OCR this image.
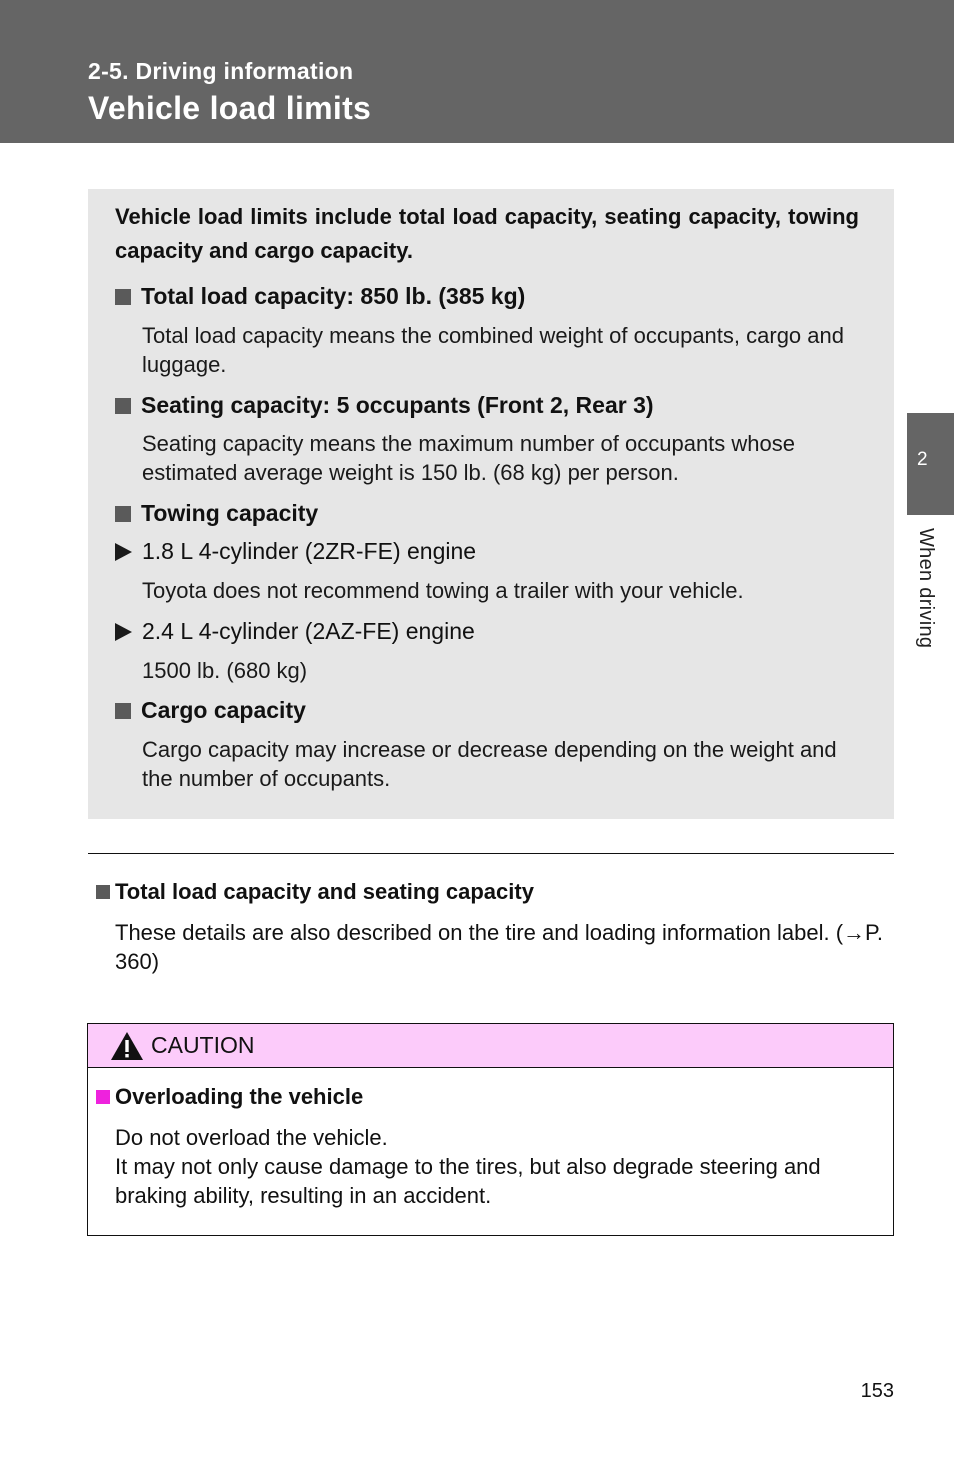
2-5. Driving information
Vehicle load limits
2
When driving
Vehicle load limits include total load capacity, seating capacity, towing capacity and cargo capacity.
Total load capacity: 850 lb. (385 kg)
Total load capacity means the combined weight of occupants, cargo and luggage.
Seating capacity: 5 occupants (Front 2, Rear 3)
Seating capacity means the maximum number of occupants whose estimated average weight is 150 lb. (68 kg) per person.
Towing capacity
1.8 L 4-cylinder (2ZR-FE) engine
Toyota does not recommend towing a trailer with your vehicle.
2.4 L 4-cylinder (2AZ-FE) engine
1500 lb. (680 kg)
Cargo capacity
Cargo capacity may increase or decrease depending on the weight and the number of occupants.
Total load capacity and seating capacity
These details are also described on the tire and loading information label. (→P. 360)
CAUTION
Overloading the vehicle
Do not overload the vehicle.
It may not only cause damage to the tires, but also degrade steering and
braking ability, resulting in an accident.
153
